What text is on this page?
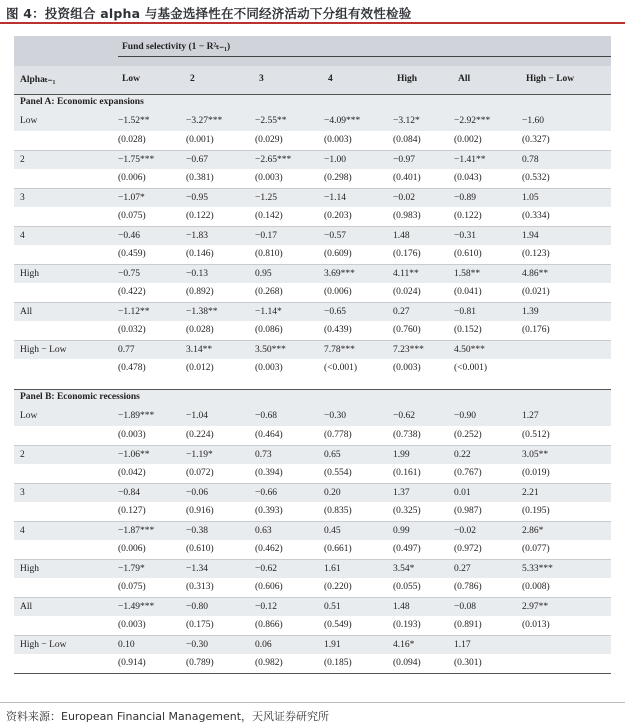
图 4：投资组合 alpha 与基金选择性在不同经济活动下分组有效性检验
Fund selectivity (1 − R²ₜ₋₁)
Alphaₜ₋₁	Low	2	3	4	High	All	High − Low
Panel A: Economic expansions
Low	−1.52**	−3.27***	−2.55**	−4.09***	−3.12*	−2.92***	−1.60
(0.028)	(0.001)	(0.029)	(0.003)	(0.084)	(0.002)	(0.327)
2	−1.75***	−0.67	−2.65***	−1.00	−0.97	−1.41**	0.78
(0.006)	(0.381)	(0.003)	(0.298)	(0.401)	(0.043)	(0.532)
3	−1.07*	−0.95	−1.25	−1.14	−0.02	−0.89	1.05
(0.075)	(0.122)	(0.142)	(0.203)	(0.983)	(0.122)	(0.334)
4	−0.46	−1.83	−0.17	−0.57	1.48	−0.31	1.94
(0.459)	(0.146)	(0.810)	(0.609)	(0.176)	(0.610)	(0.123)
High	−0.75	−0.13	0.95	3.69***	4.11**	1.58**	4.86**
(0.422)	(0.892)	(0.268)	(0.006)	(0.024)	(0.041)	(0.021)
All	−1.12**	−1.38**	−1.14*	−0.65	0.27	−0.81	1.39
(0.032)	(0.028)	(0.086)	(0.439)	(0.760)	(0.152)	(0.176)
High − Low	0.77	3.14**	3.50***	7.78***	7.23***	4.50***
(0.478)	(0.012)	(0.003)	(<0.001)	(0.003)	(<0.001)
Panel B: Economic recessions
Low	−1.89***	−1.04	−0.68	−0.30	−0.62	−0.90	1.27
(0.003)	(0.224)	(0.464)	(0.778)	(0.738)	(0.252)	(0.512)
2	−1.06**	−1.19*	0.73	0.65	1.99	0.22	3.05**
(0.042)	(0.072)	(0.394)	(0.554)	(0.161)	(0.767)	(0.019)
3	−0.84	−0.06	−0.66	0.20	1.37	0.01	2.21
(0.127)	(0.916)	(0.393)	(0.835)	(0.325)	(0.987)	(0.195)
4	−1.87***	−0.38	0.63	0.45	0.99	−0.02	2.86*
(0.006)	(0.610)	(0.462)	(0.661)	(0.497)	(0.972)	(0.077)
High	−1.79*	−1.34	−0.62	1.61	3.54*	0.27	5.33***
(0.075)	(0.313)	(0.606)	(0.220)	(0.055)	(0.786)	(0.008)
All	−1.49***	−0.80	−0.12	0.51	1.48	−0.08	2.97**
(0.003)	(0.175)	(0.866)	(0.549)	(0.193)	(0.891)	(0.013)
High − Low	0.10	−0.30	0.06	1.91	4.16*	1.17
(0.914)	(0.789)	(0.982)	(0.185)	(0.094)	(0.301)
资料来源：European Financial Management，天风证券研究所
